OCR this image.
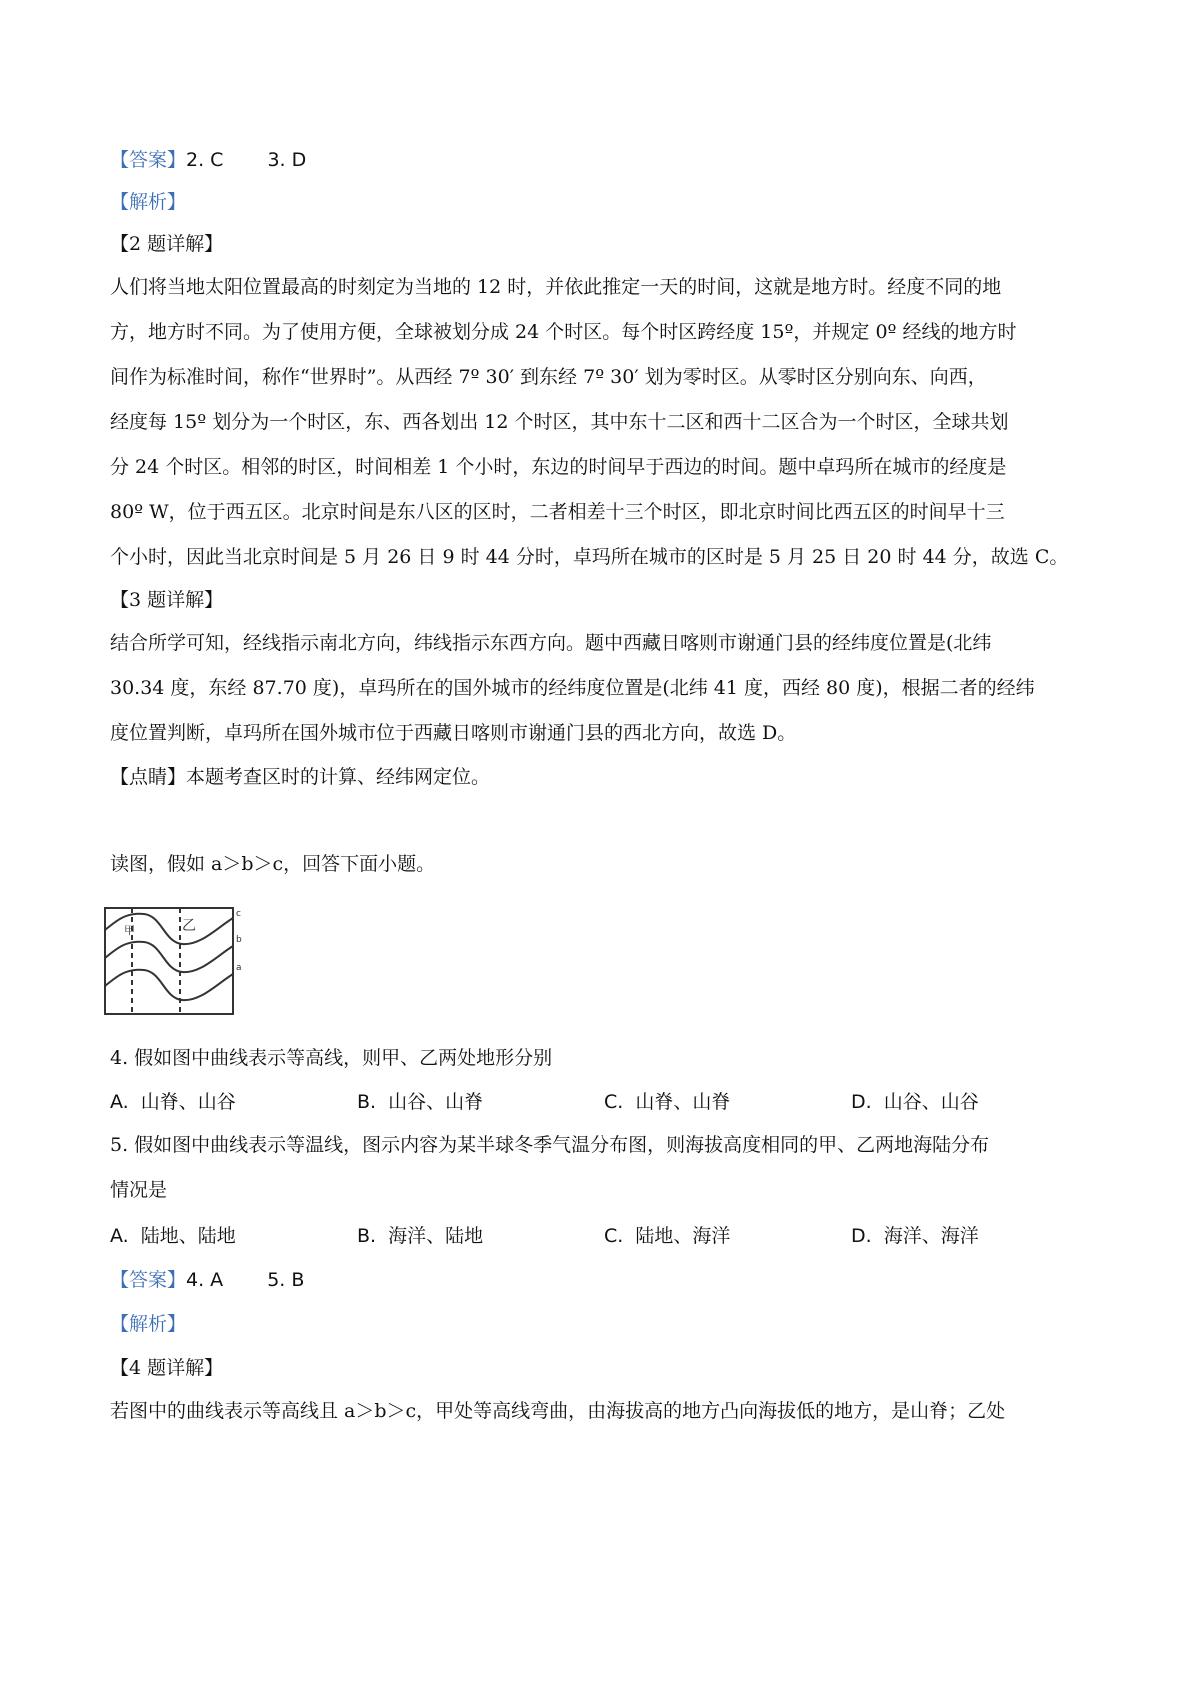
【答案】2. C 3. D
【解析】
【2 题详解】

人们将当地太阳位置最高的时刻定为当地的 12 时，并依此推定一天的时间，这就是地方时。经度不同的地

方，地方时不同。为了使用方便，全球被划分成 24 个时区。每个时区跨经度 15º，并规定 0º 经线的地方时

间作为标准时间，称作“世界时”。从西经 7º 30′ 到东经 7º 30′ 划为零时区。从零时区分别向东、向西，

经度每 15º 划分为一个时区，东、西各划出 12 个时区，其中东十二区和西十二区合为一个时区，全球共划

分 24 个时区。相邻的时区，时间相差 1 个小时，东边的时间早于西边的时间。题中卓玛所在城市的经度是

80º W，位于西五区。北京时间是东八区的区时，二者相差十三个时区，即北京时间比西五区的时间早十三

个小时，因此当北京时间是 5 月 26 日 9 时 44 分时，卓玛所在城市的区时是 5 月 25 日 20 时 44 分，故选 C。

【3 题详解】

结合所学可知，经线指示南北方向，纬线指示东西方向。题中西藏日喀则市谢通门县的经纬度位置是(北纬

30.34 度，东经 87.70 度)，卓玛所在的国外城市的经纬度位置是(北纬 41 度，西经 80 度)，根据二者的经纬

度位置判断，卓玛所在国外城市位于西藏日喀则市谢通门县的西北方向，故选 D。

【点睛】本题考查区时的计算、经纬网定位。
读图，假如 a＞b＞c，回答下面小题。
甲	乙
c
b
a
4. 假如图中曲线表示等高线，则甲、乙两处地形分别
A. 山脊、山谷	B. 山谷、山脊	C. 山脊、山脊	D. 山谷、山谷

5. 假如图中曲线表示等温线，图示内容为某半球冬季气温分布图，则海拔高度相同的甲、乙两地海陆分布

情况是

A. 陆地、陆地	B. 海洋、陆地	C. 陆地、海洋	D. 海洋、海洋
【答案】4. A 5. B
【解析】
【4 题详解】

若图中的曲线表示等高线且 a＞b＞c，甲处等高线弯曲，由海拔高的地方凸向海拔低的地方，是山脊；乙处
